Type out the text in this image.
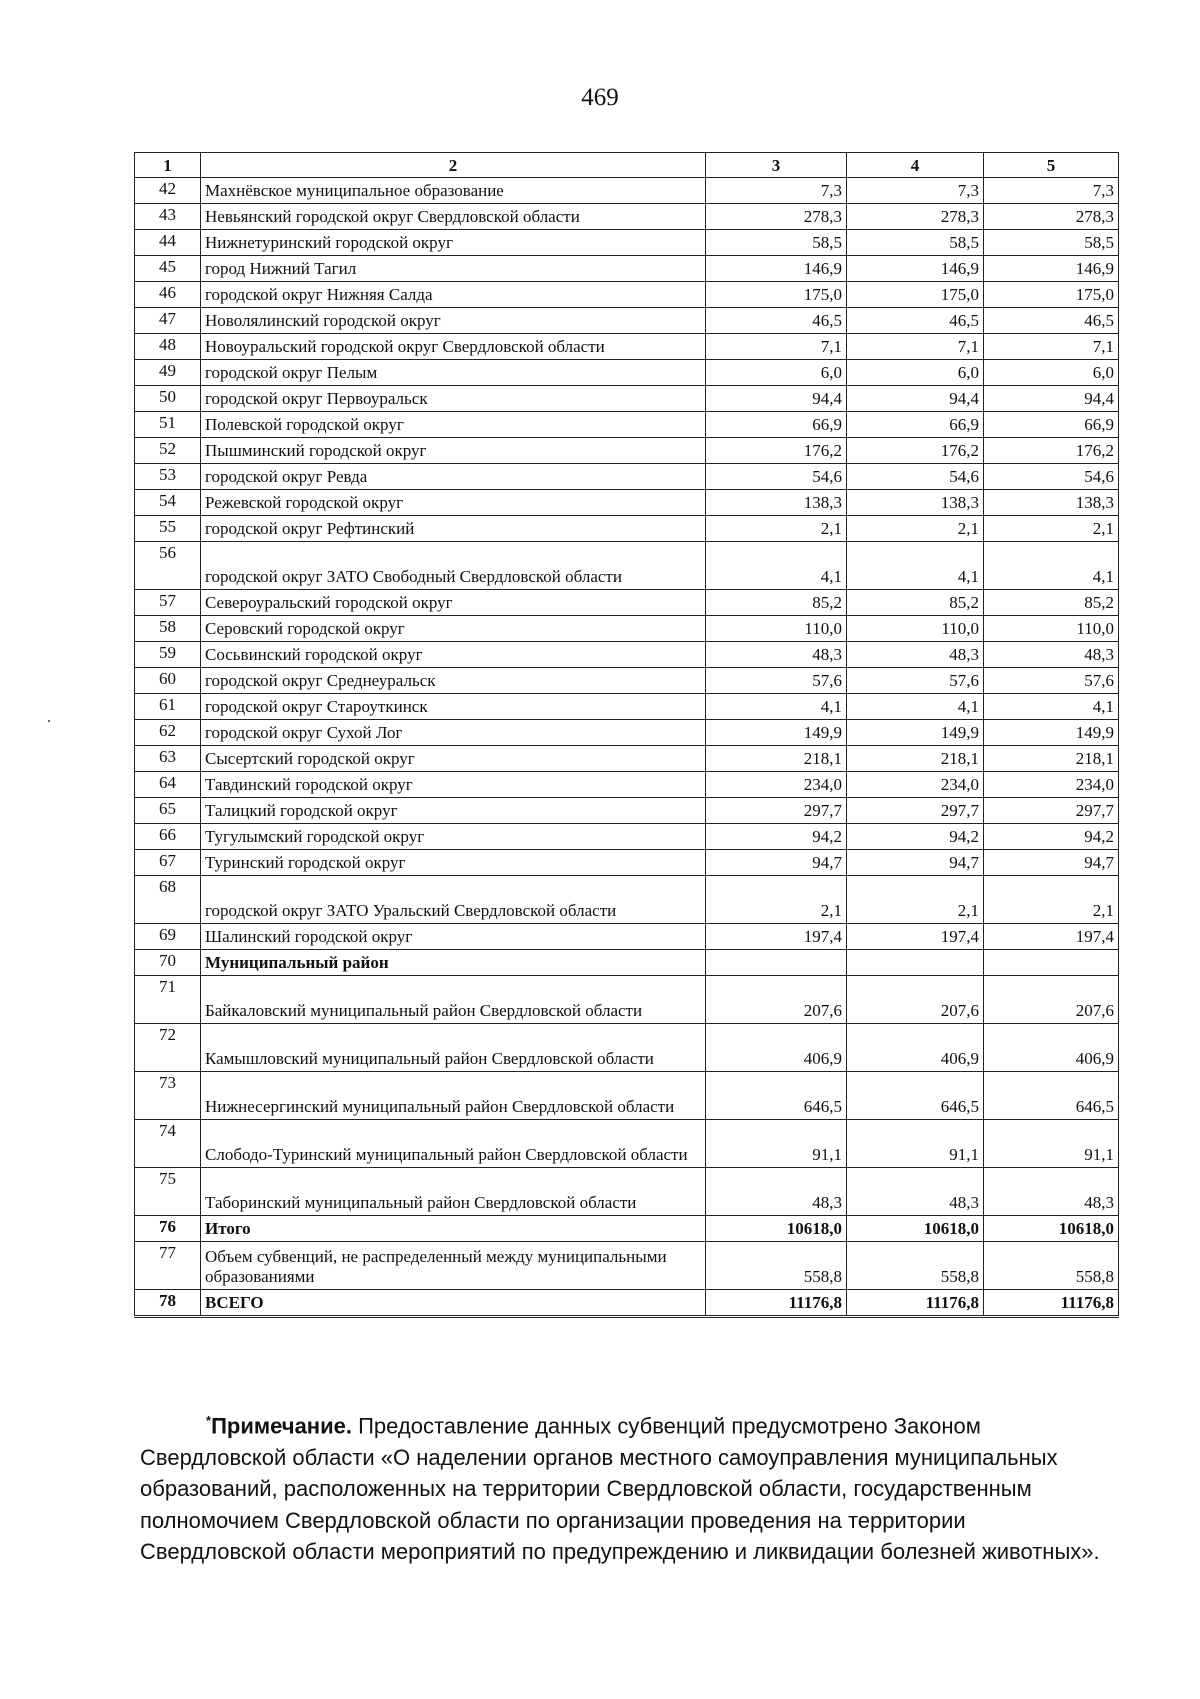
469
1	2	3	4	5
42	Махнёвское муниципальное образование	7,3	7,3	7,3
43	Невьянский городской округ Свердловской области	278,3	278,3	278,3
44	Нижнетуринский городской округ	58,5	58,5	58,5
45	город Нижний Тагил	146,9	146,9	146,9
46	городской округ Нижняя Салда	175,0	175,0	175,0
47	Новолялинский городской округ	46,5	46,5	46,5
48	Новоуральский городской округ Свердловской области	7,1	7,1	7,1
49	городской округ Пелым	6,0	6,0	6,0
50	городской округ Первоуральск	94,4	94,4	94,4
51	Полевской городской округ	66,9	66,9	66,9
52	Пышминский городской округ	176,2	176,2	176,2
53	городской округ Ревда	54,6	54,6	54,6
54	Режевской городской округ	138,3	138,3	138,3
55	городской округ Рефтинский	2,1	2,1	2,1
56	городской округ ЗАТО Свободный Свердловской области	4,1	4,1	4,1
57	Североуральский городской округ	85,2	85,2	85,2
58	Серовский городской округ	110,0	110,0	110,0
59	Сосьвинский городской округ	48,3	48,3	48,3
60	городской округ Среднеуральск	57,6	57,6	57,6
61	городской округ Староуткинск	4,1	4,1	4,1
62	городской округ Сухой Лог	149,9	149,9	149,9
63	Сысертский городской округ	218,1	218,1	218,1
64	Тавдинский городской округ	234,0	234,0	234,0
65	Талицкий городской округ	297,7	297,7	297,7
66	Тугулымский городской округ	94,2	94,2	94,2
67	Туринский городской округ	94,7	94,7	94,7
68	городской округ ЗАТО Уральский Свердловской области	2,1	2,1	2,1
69	Шалинский городской округ	197,4	197,4	197,4
70	Муниципальный район			
71	Байкаловский муниципальный район Свердловской области	207,6	207,6	207,6
72	Камышловский муниципальный район Свердловской области	406,9	406,9	406,9
73	Нижнесергинский муниципальный район Свердловской области	646,5	646,5	646,5
74	Слободо-Туринский муниципальный район Свердловской области	91,1	91,1	91,1
75	Таборинский муниципальный район Свердловской области	48,3	48,3	48,3
76	Итого	10618,0	10618,0	10618,0
77	Объем субвенций, не распределенный между муниципальными образованиями	558,8	558,8	558,8
78	ВСЕГО	11176,8	11176,8	11176,8

*Примечание. Предоставление данных субвенций предусмотрено Законом Свердловской области «О наделении органов местного самоуправления муниципальных образований, расположенных на территории Свердловской области, государственным полномочием Свердловской области по организации проведения на территории Свердловской области мероприятий по предупреждению и ликвидации болезней животных».
